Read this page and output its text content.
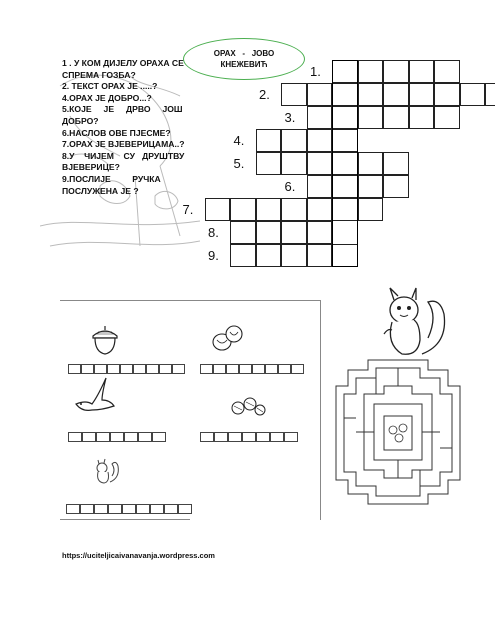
1 . У КОМ ДИЈЕЛУ ОРАХА СЕ
СПРЕМА ГОЗБА?
2. ТЕКСТ ОРАХ ЈЕ .....?
4.ОРАХ ЈЕ ДОБРО...?
5.КОЈЕ     ЈЕ     ДРВО     ЈОШ
ДОБРО?
6.НАСЛОВ ОВЕ ПЈЕСМЕ?
7.ОРАХ ЈЕ ВЈЕВЕРИЦАМА..?
8.У    ЧИЈЕМ    СУ   ДРУШТВУ
ВЈЕВЕРИЦЕ?
9.ПОСЛИЈЕ         РУЧКА
ПОСЛУЖЕНА ЈЕ ?
ОРАХ   -   ЈОВО
КНЕЖЕВИЋ	1.
2.
3.
4.
5.
6.
7.
8.
9.
https://uciteljicaivanavanja.wordpress.com
